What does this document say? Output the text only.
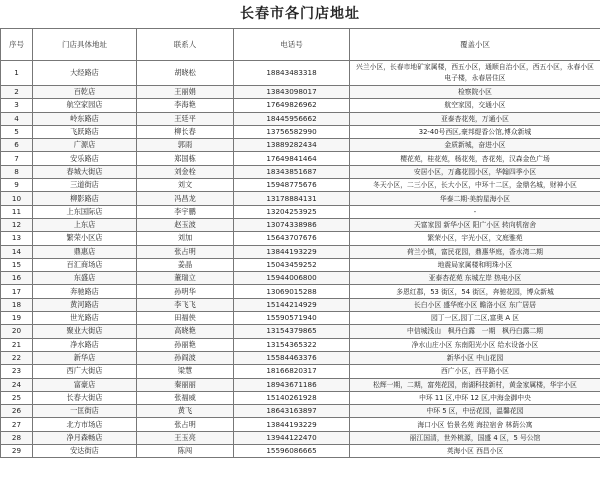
长春市各门店地址
序号	门店具体地址	联系人	电话号	覆盖小区
1	大经路店	胡晓松	18843483318	兴兰小区，长春市地矿家属楼，西五小区，通顺自治小区，西五小区，永春小区电子楼，永春居住区
2	百乾店	王丽娟	13843098017	检察院小区
3	航空家园店	李海艳	17649826962	航空家园，交通小区
4	岭东路店	王廷平	18445956662	亚泰杏花苑，万通小区
5	飞跃路店	柳长春	13756582990	32-40号西区,豪邦缇香公馆,博众新城
6	广源店	郭雨	13889282434	金质新城，奋进小区
7	安乐路店	郑国栋	17649841464	樱花苑，桂花苑，杨花苑，杏花苑，汉森金色广场
8	春城大街店	刘金栓	18343851687	安居小区，万鑫花园小区，华翰四季小区
9	三道街店	刘文	15948775676	冬天小区，二三小区，长大小区，中环十二区，金鼎名城，财神小区
10	柳影路店	冯昌龙	13178884131	华泰二期·美韵星海小区
11	上东国际店	李宇鹏	13204253925	-
12	上东店	赵玉波	13074338986	天富家园 新华小区 阳广小区 转向机宿舍
13	繁荣小区店	刘加	15643707676	繁荣小区，宇光小区，文庭雅苑
14	鼎惠店	张占明	13844193229	荷兰小镇，富民花园，鼎惠华庭，香水湾二期
15	百汇商场店	姜晶	15043459252	地震局家属楼和明珠小区
16	东盛店	董瑞立	15944006800	亚泰杏花苑 东城左岸 热电小区
17	奔驰路店	孙明华	13069015288	多恩红郡，53 街区，54 街区，奔驰花园，博众新城
18	黄河路店	李飞飞	15144214929	长白小区 盛华庭小区 瞻洛小区 东广居居
19	世光路店	田福侠	15590571940	园丁一区,园丁二区,富奥 A 区
20	聚业大街店	高晓艳	13154379865	中信城浅山　枫丹白露　一期　枫丹白露二期
21	净水路店	孙丽艳	13154365322	净水山庄小区 东南阳光小区 给水设备小区
22	新华店	孙阎波	15584463376	新华小区 中山花园
23	西广大街店	梁慧	18166820317	西广小区，西平路小区
24	富豪店	秦丽丽	18943671186	松辉一期，二期，富苑花园，南湖科技新村，黄金家属楼，华宇小区
25	长春大街店	张福威	15140261928	中环 11 区,中环 12 区,中海金御中央
26	一匡街店	黄飞	18643163897	中环 5 区，中岳花园，温馨花园
27	北方市场店	张占明	13844193229	海口小区 怡景名苑 海拉宿舍 林荫公寓
28	净月森畅店	王玉亮	13944122470	丽江国清，世外桃源，国盛 4 区，5 号公馆
29	安达街店	陈闯	15596086665	英海小区 西昌小区
